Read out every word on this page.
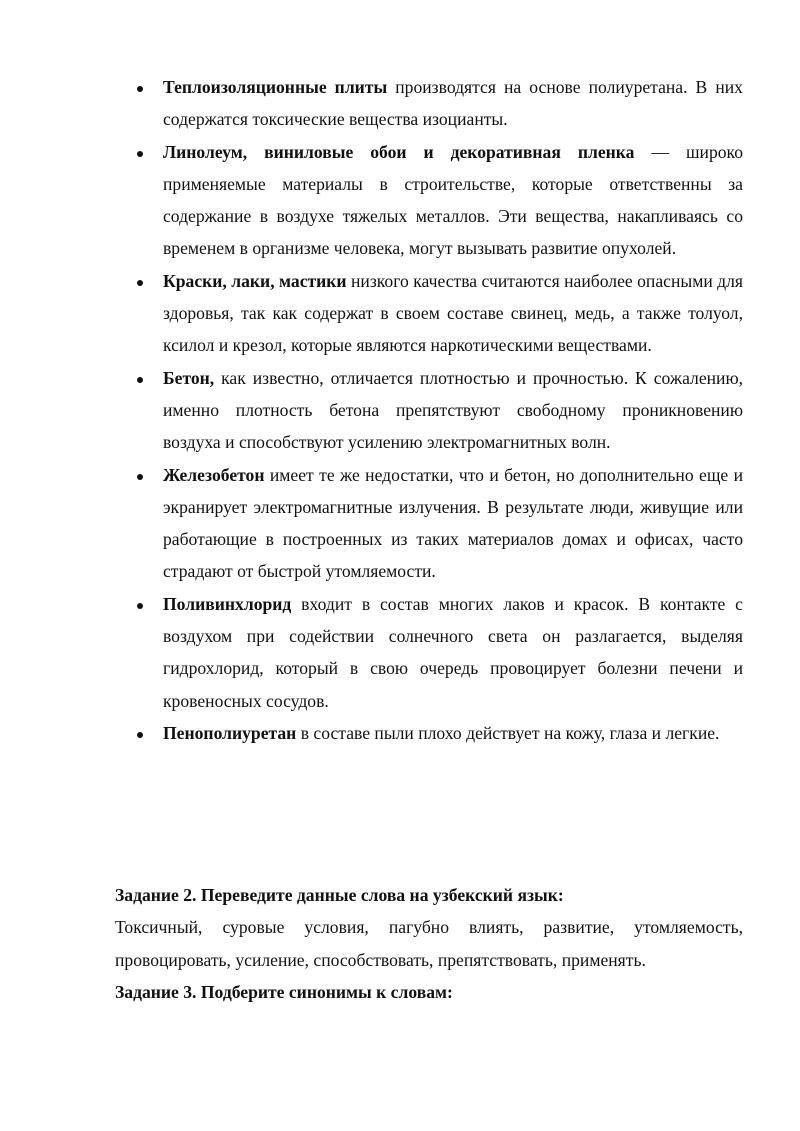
Теплоизоляционные плиты производятся на основе полиуретана. В них содержатся токсические вещества изоцианты.
Линолеум, виниловые обои и декоративная пленка — широко применяемые материалы в строительстве, которые ответственны за содержание в воздухе тяжелых металлов. Эти вещества, накапливаясь со временем в организме человека, могут вызывать развитие опухолей.
Краски, лаки, мастики низкого качества считаются наиболее опасными для здоровья, так как содержат в своем составе свинец, медь, а также толуол, ксилол и крезол, которые являются наркотическими веществами.
Бетон, как известно, отличается плотностью и прочностью. К сожалению, именно плотность бетона препятствуют свободному проникновению воздуха и способствуют усилению электромагнитных волн.
Железобетон имеет те же недостатки, что и бетон, но дополнительно еще и экранирует электромагнитные излучения. В результате люди, живущие или работающие в построенных из таких материалов домах и офисах, часто страдают от быстрой утомляемости.
Поливинхлорид входит в состав многих лаков и красок. В контакте с воздухом при содействии солнечного света он разлагается, выделяя гидрохлорид, который в свою очередь провоцирует болезни печени и кровеносных сосудов.
Пенополиуретан в составе пыли плохо действует на кожу, глаза и легкие.

Задание 2. Переведите данные слова на узбекский язык:

Токсичный, суровые условия, пагубно влиять, развитие, утомляемость, провоцировать, усиление, способствовать, препятствовать, применять.

Задание 3. Подберите синонимы к словам:
